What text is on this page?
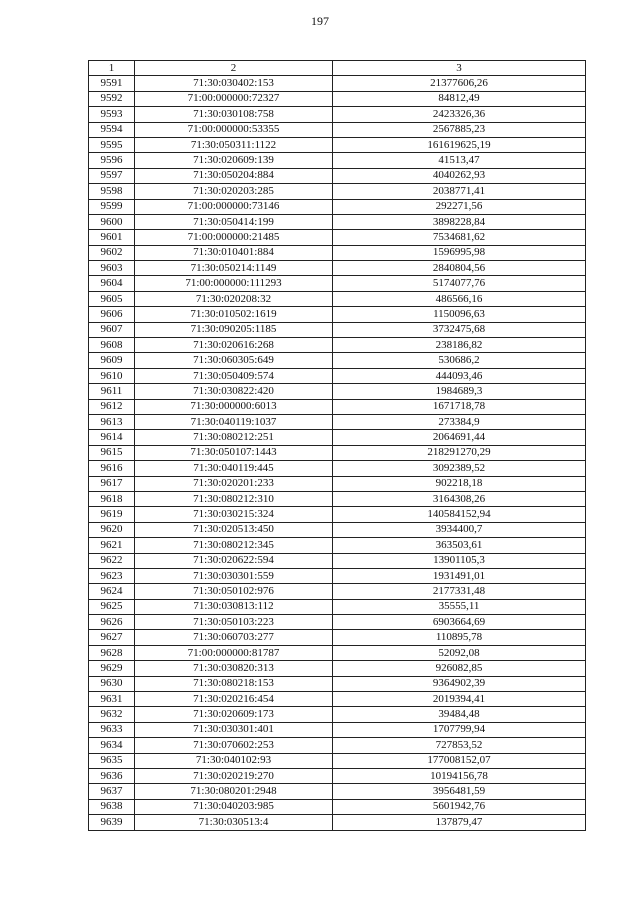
197
1	2	3
9591	71:30:030402:153	21377606,26
9592	71:00:000000:72327	84812,49
9593	71:30:030108:758	2423326,36
9594	71:00:000000:53355	2567885,23
9595	71:30:050311:1122	161619625,19
9596	71:30:020609:139	41513,47
9597	71:30:050204:884	4040262,93
9598	71:30:020203:285	2038771,41
9599	71:00:000000:73146	292271,56
9600	71:30:050414:199	3898228,84
9601	71:00:000000:21485	7534681,62
9602	71:30:010401:884	1596995,98
9603	71:30:050214:1149	2840804,56
9604	71:00:000000:111293	5174077,76
9605	71:30:020208:32	486566,16
9606	71:30:010502:1619	1150096,63
9607	71:30:090205:1185	3732475,68
9608	71:30:020616:268	238186,82
9609	71:30:060305:649	530686,2
9610	71:30:050409:574	444093,46
9611	71:30:030822:420	1984689,3
9612	71:30:000000:6013	1671718,78
9613	71:30:040119:1037	273384,9
9614	71:30:080212:251	2064691,44
9615	71:30:050107:1443	218291270,29
9616	71:30:040119:445	3092389,52
9617	71:30:020201:233	902218,18
9618	71:30:080212:310	3164308,26
9619	71:30:030215:324	140584152,94
9620	71:30:020513:450	3934400,7
9621	71:30:080212:345	363503,61
9622	71:30:020622:594	13901105,3
9623	71:30:030301:559	1931491,01
9624	71:30:050102:976	2177331,48
9625	71:30:030813:112	35555,11
9626	71:30:050103:223	6903664,69
9627	71:30:060703:277	110895,78
9628	71:00:000000:81787	52092,08
9629	71:30:030820:313	926082,85
9630	71:30:080218:153	9364902,39
9631	71:30:020216:454	2019394,41
9632	71:30:020609:173	39484,48
9633	71:30:030301:401	1707799,94
9634	71:30:070602:253	727853,52
9635	71:30:040102:93	177008152,07
9636	71:30:020219:270	10194156,78
9637	71:30:080201:2948	3956481,59
9638	71:30:040203:985	5601942,76
9639	71:30:030513:4	137879,47
